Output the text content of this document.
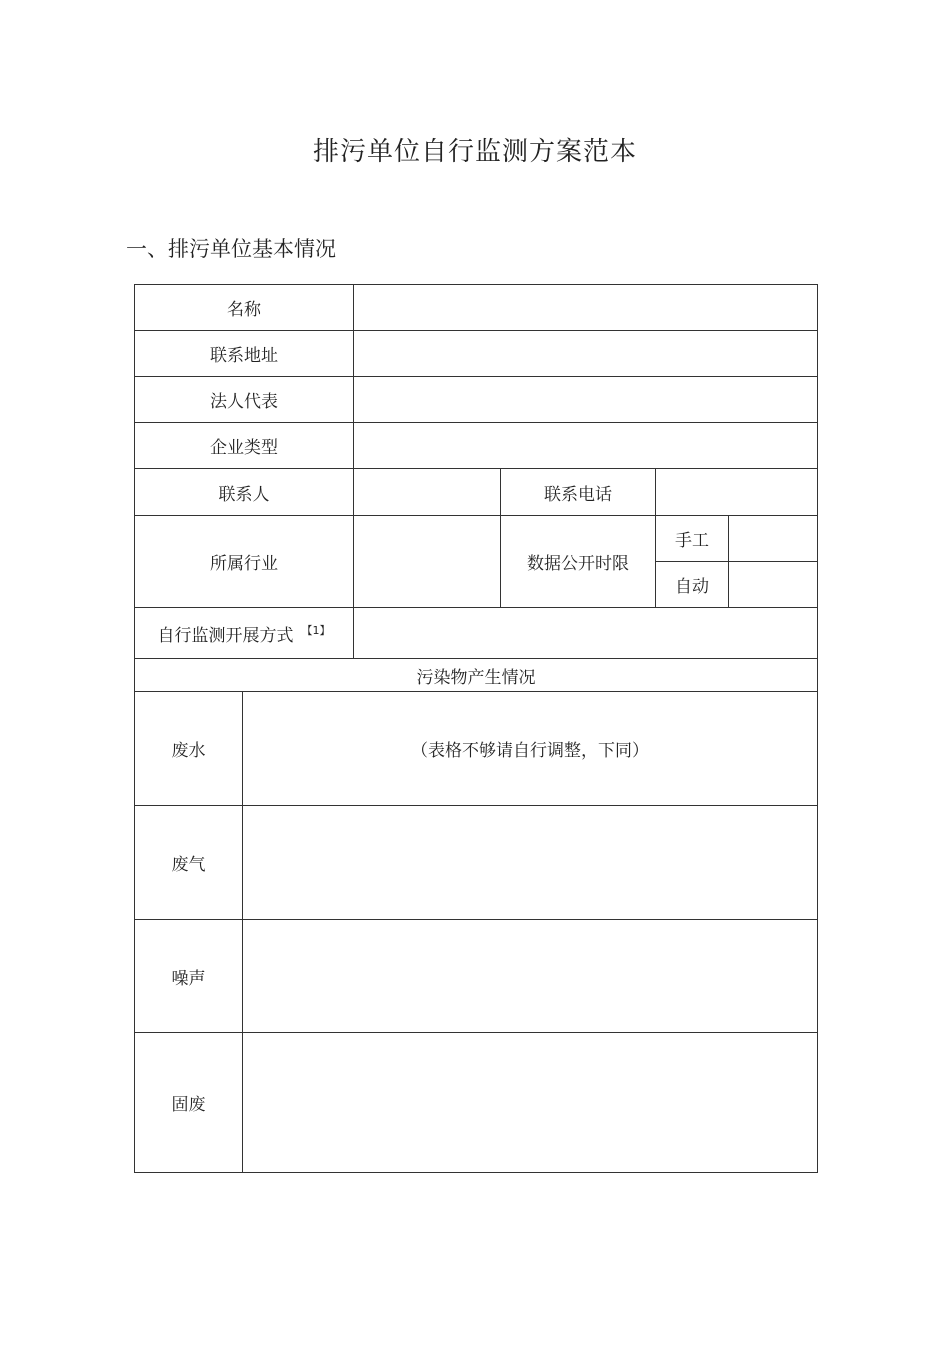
排污单位自行监测方案范本
一、排污单位基本情况
名称					
联系地址					
法人代表					
企业类型					
联系人			联系电话		
所属行业			数据公开时限	手工	
				自动	
自行监测开展方式 $^{【1】}$	
污染物产生情况					
废水	（表格不够请自行调整，下同）				
废气					
噪声					
固废					
